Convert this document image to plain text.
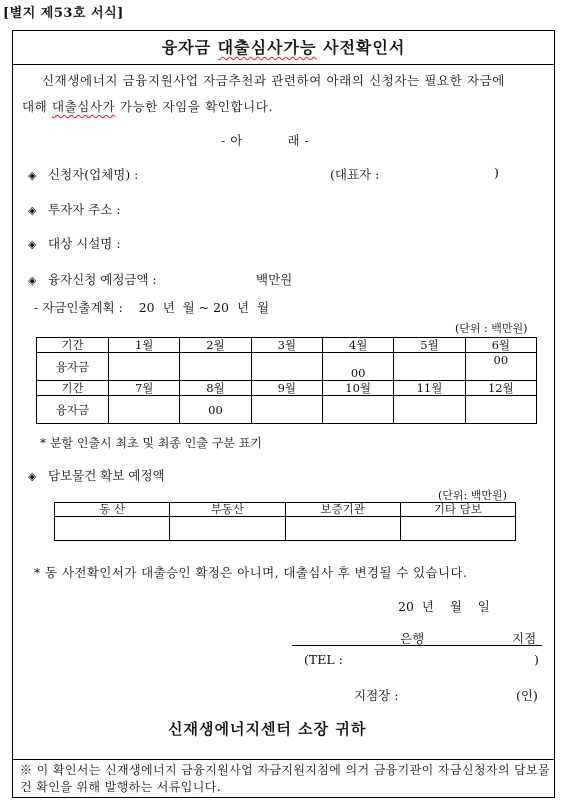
[별지 제53호 서식]
융자금 대출심사가능 사전확인서
신재생에너지 금융지원사업 자금추천과 관련하여 아래의 신청자는 필요한 자금에 대해 대출심사가 가능한 자임을 확인합니다.
- 아          래 -
◈ 신청자(업체명) :	(대표자 :	)
◈ 투자자 주소 :
◈ 대상 시설명 :
◈ 융자신청 예정금액 :	백만원
- 자금인출계획 :    20  년  월 ~ 20  년  월
(단위 : 백만원)
기간	1월	2월	3월	4월	5월	6월
융자금				00		00
기간	7월	8월	9월	10월	11월	12월
융자금		00				
* 분할 인출시 최초 및 최종 인출 구분 표기
◈ 담보물건 확보 예정액
(단위: 백만원)
동 산	부동산	보증기관	기타 담보

* 동 사전확인서가 대출승인 확정은 아니며, 대출심사 후 변경될 수 있습니다.
20  년    월    일
은행	지점
(TEL :	)
지점장 :	(인)
신재생에너지센터 소장 귀하
※ 이 확인서는 신재생에너지 금융지원사업 자금지원지침에 의거 금융기관이 자금신청자의 담보물건 확인을 위해 발행하는 서류입니다.
